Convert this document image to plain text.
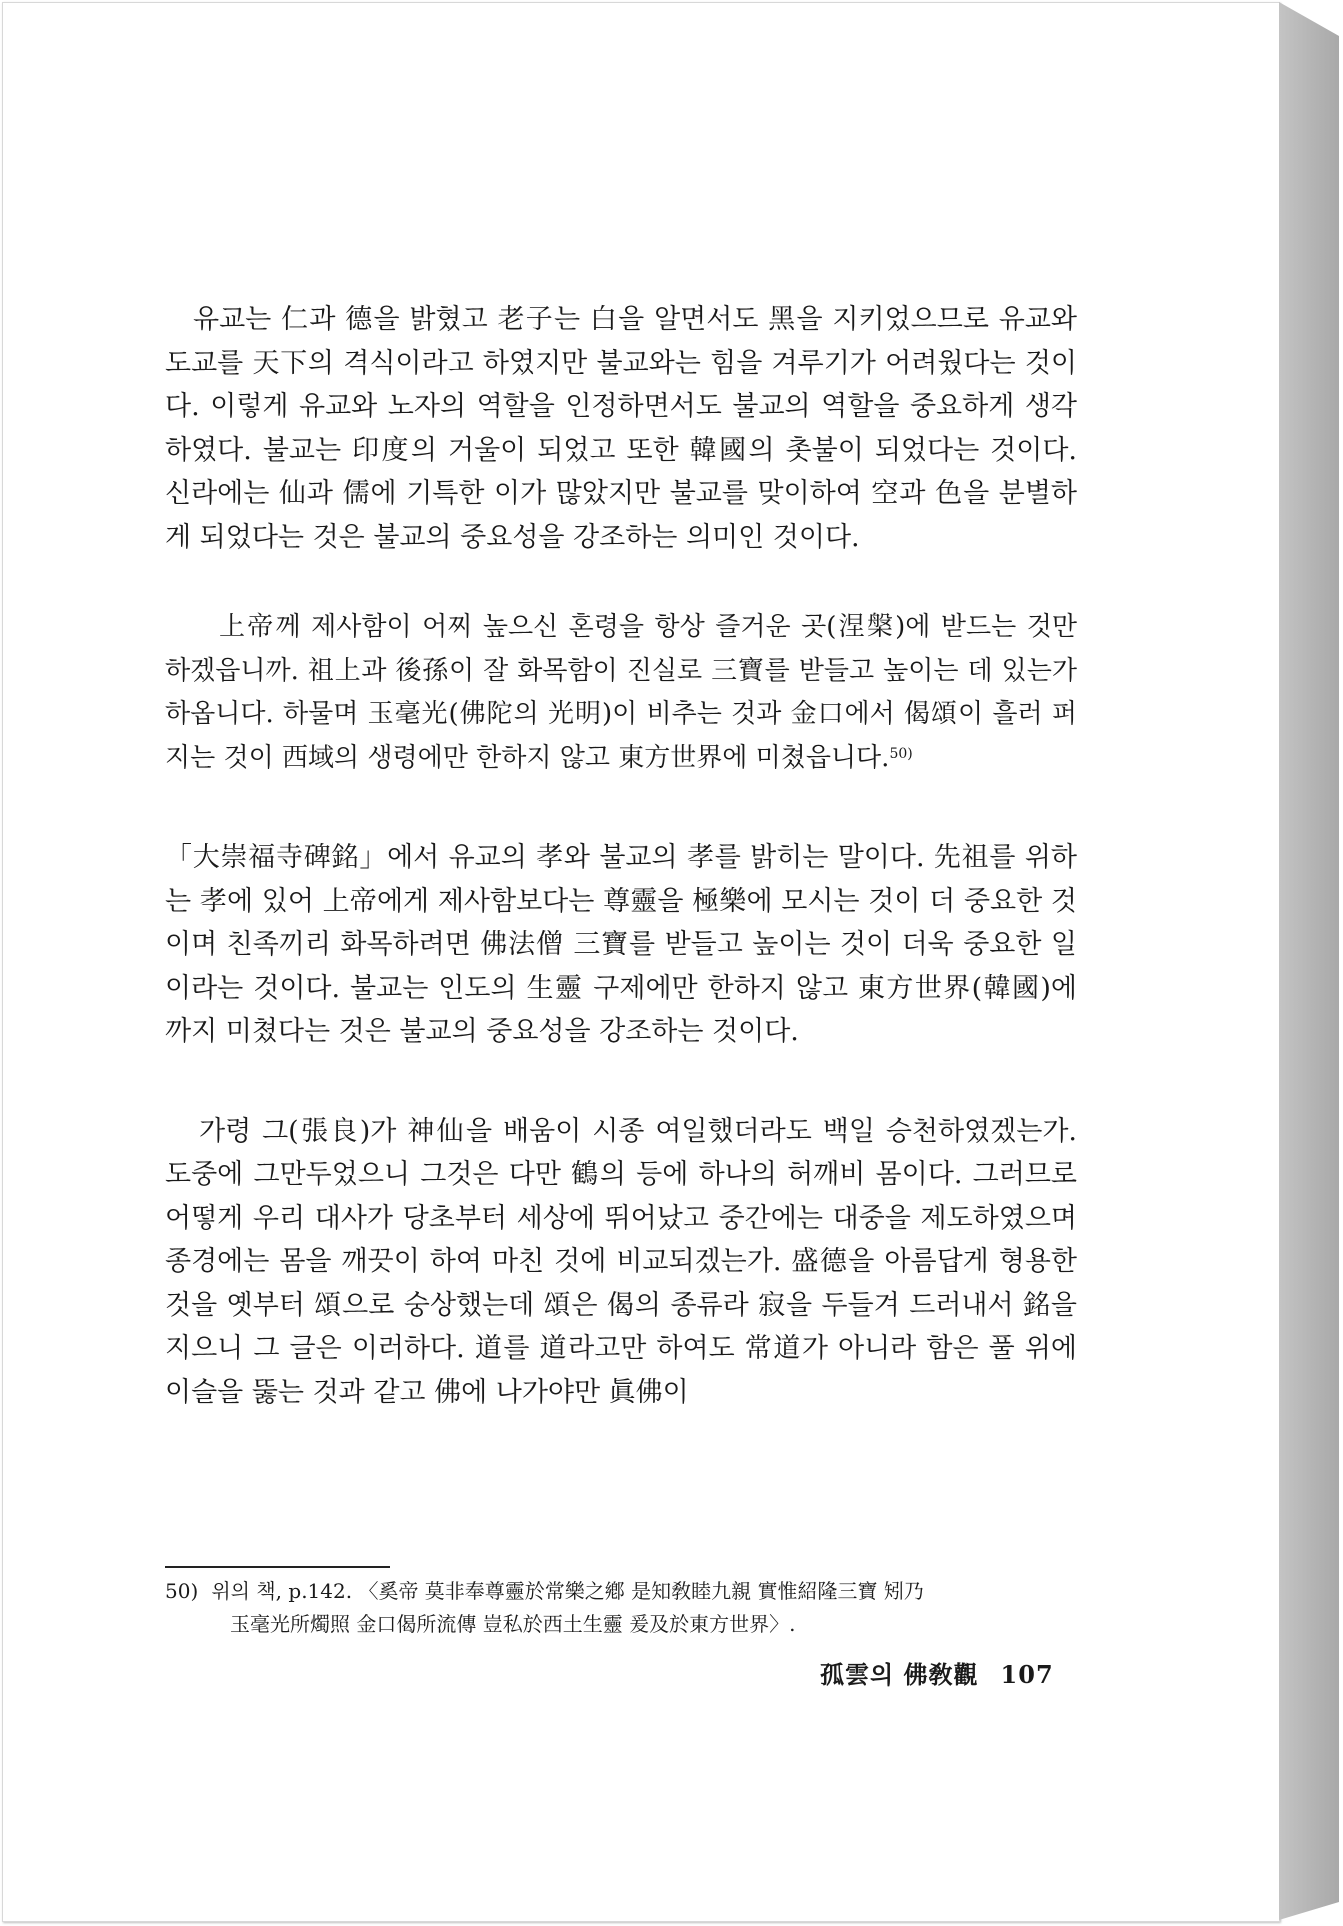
유교는 仁과 德을 밝혔고 老子는 白을 알면서도 黑을 지키었으므로 유교와 도교를 天下의 격식이라고 하였지만 불교와는 힘을 겨루기가 어려웠다는 것이다. 이렇게 유교와 노자의 역할을 인정하면서도 불교의 역할을 중요하게 생각하였다. 불교는 印度의 거울이 되었고 또한 韓國의 촛불이 되었다는 것이다. 신라에는 仙과 儒에 기특한 이가 많았지만 불교를 맞이하여 空과 色을 분별하게 되었다는 것은 불교의 중요성을 강조하는 의미인 것이다.

上帝께 제사함이 어찌 높으신 혼령을 항상 즐거운 곳(涅槃)에 받드는 것만 하겠읍니까. 祖上과 後孫이 잘 화목함이 진실로 三寶를 받들고 높이는 데 있는가 하옵니다. 하물며 玉毫光(佛陀의 光明)이 비추는 것과 金口에서 偈頌이 흘러 퍼지는 것이 西域의 생령에만 한하지 않고 東方世界에 미쳤읍니다.$^{50)}$

「大崇福寺碑銘」에서 유교의 孝와 불교의 孝를 밝히는 말이다. 先祖를 위하는 孝에 있어 上帝에게 제사함보다는 尊靈을 極樂에 모시는 것이 더 중요한 것이며 친족끼리 화목하려면 佛法僧 三寶를 받들고 높이는 것이 더욱 중요한 일이라는 것이다. 불교는 인도의 生靈 구제에만 한하지 않고 東方世界(韓國)에까지 미쳤다는 것은 불교의 중요성을 강조하는 것이다.

가령 그(張良)가 神仙을 배움이 시종 여일했더라도 백일 승천하였겠는가. 도중에 그만두었으니 그것은 다만 鶴의 등에 하나의 허깨비 몸이다. 그러므로 어떻게 우리 대사가 당초부터 세상에 뛰어났고 중간에는 대중을 제도하였으며 종경에는 몸을 깨끗이 하여 마친 것에 비교되겠는가. 盛德을 아름답게 형용한 것을 옛부터 頌으로 숭상했는데 頌은 偈의 종류라 寂을 두들겨 드러내서 銘을 지으니 그 글은 이러하다. 道를 道라고만 하여도 常道가 아니라 함은 풀 위에 이슬을 뚫는 것과 같고 佛에 나가야만 眞佛이

50) 위의 책, p.142. 〈奚帝 莫非奉尊靈於常樂之鄕 是知敎睦九親 實惟紹隆三寶 矧乃
玉毫光所燭照 金口偈所流傳 豈私於西土生靈 爰及於東方世界〉.
孤雲의 佛敎觀 107
